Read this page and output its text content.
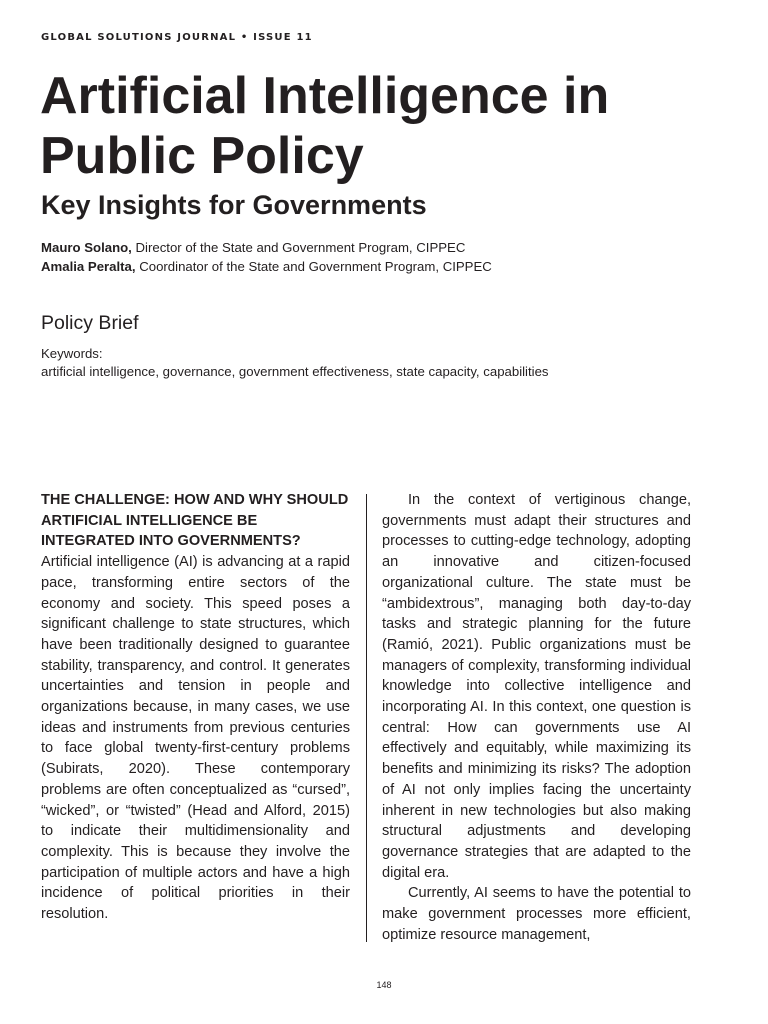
GLOBAL SOLUTIONS JOURNAL • ISSUE 11
Artificial Intelligence in Public Policy
Key Insights for Governments
Mauro Solano, Director of the State and Government Program, CIPPEC
Amalia Peralta, Coordinator of the State and Government Program, CIPPEC
Policy Brief
Keywords:
artificial intelligence, governance, government effectiveness, state capacity, capabilities
THE CHALLENGE: HOW AND WHY SHOULD ARTIFICIAL INTELLIGENCE BE INTEGRATED INTO GOVERNMENTS?

Artificial intelligence (AI) is advancing at a rapid pace, transforming entire sectors of the economy and society. This speed poses a significant challenge to state structures, which have been traditionally designed to guarantee stability, transparency, and control. It generates uncertainties and tension in people and organizations because, in many cases, we use ideas and instruments from previous centuries to face global twenty-first-century problems (Subirats, 2020). These contemporary problems are often conceptualized as “cursed”, “wicked”, or “twisted” (Head and Alford, 2015) to indicate their multidimensionality and complexity. This is because they involve the participation of multiple actors and have a high incidence of political priorities in their resolution.

In the context of vertiginous change, governments must adapt their structures and processes to cutting-edge technology, adopting an innovative and citizen-focused organizational culture. The state must be “ambidextrous”, managing both day-to-day tasks and strategic planning for the future (Ramió, 2021). Public organizations must be managers of complexity, transforming individual knowledge into collective intelligence and incorporating AI. In this context, one question is central: How can governments use AI effectively and equitably, while maximizing its benefits and minimizing its risks? The adoption of AI not only implies facing the uncertainty inherent in new technologies but also making structural adjustments and developing governance strategies that are adapted to the digital era.

Currently, AI seems to have the potential to make government processes more efficient, optimize resource management,

148
